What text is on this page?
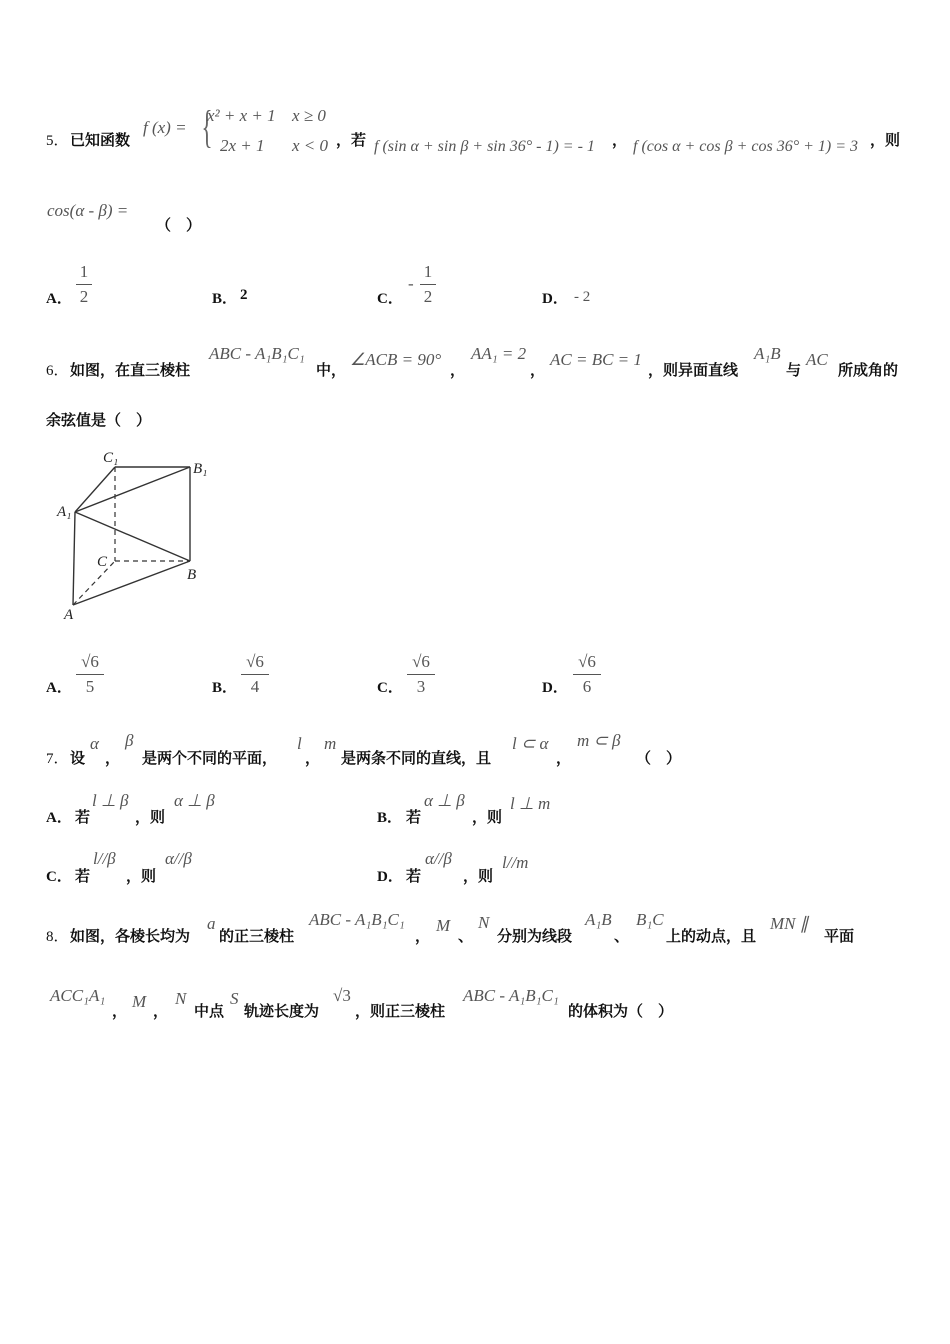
5． 已知函数
f (x) = {
x² + x + 1 x ≥ 0
2x + 1 x < 0 ，若 f (sin α + sin β + sin 36° - 1) = - 1 ， f (cos α + cos β + cos 36° + 1) = 3 ，则
cos(α - β) =
（　）
A．
1
2	B． 2	C．
-
1
2	D． - 2
6． 如图，在直三棱柱
ABC - A₁B₁C₁
中，
∠ACB = 90°
，
AA₁ = 2
，
AC = BC = 1
，则异面直线
A₁B
与
AC
所成角的
余弦值是（　）
C₁
B₁
A₁
C
B
A
A．
√6
5	B．
√6
4	C．
√6
3	D．
√6
6
7． 设
α
，
β
是两个不同的平面，
l
，
m
是两条不同的直线，且
l ⊂ α
，
m ⊂ β
（　）
A． 若
l ⊥ β
，则
α ⊥ β
B． 若
α ⊥ β
，则
l ⊥ m
C． 若
l//β
，则
α//β
D． 若
α//β
，则
l//m
8． 如图，各棱长均为
a
的正三棱柱
ABC - A₁B₁C₁
，
M
、
N
分别为线段
A₁B
、
B₁C
上的动点，且
MN ∥
平面
ACC₁A₁
， M ，
N
中点
S
轨迹长度为
√3
，则正三棱柱
ABC - A₁B₁C₁
的体积为（　）
